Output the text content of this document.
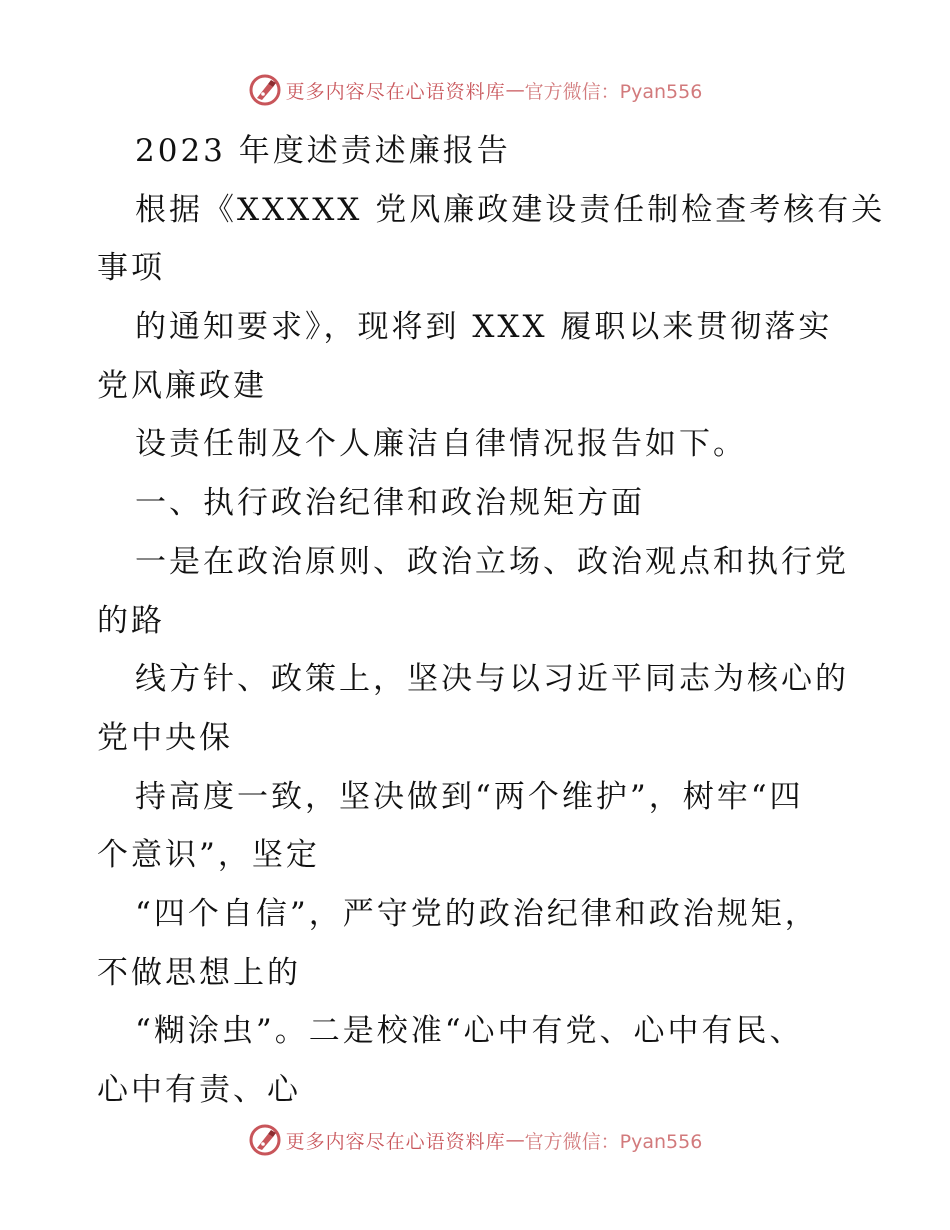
更多内容尽在心语资料库 — 官方微信：Pyan556
2023 年度述责述廉报告
根据《XXXXX 党风廉政建设责任制检查考核有关
事项
的通知要求》，现将到 XXX 履职以来贯彻落实
党风廉政建
设责任制及个人廉洁自律情况报告如下。
一、执行政治纪律和政治规矩方面
一是在政治原则、政治立场、政治观点和执行党
的路
线方针、政策上，坚决与以习近平同志为核心的
党中央保
持高度一致，坚决做到“两个维护”，树牢“四
个意识”，坚定
“四个自信”，严守党的政治纪律和政治规矩，
不做思想上的
“糊涂虫”。二是校准“心中有党、心中有民、
心中有责、心
更多内容尽在心语资料库 — 官方微信：Pyan556
